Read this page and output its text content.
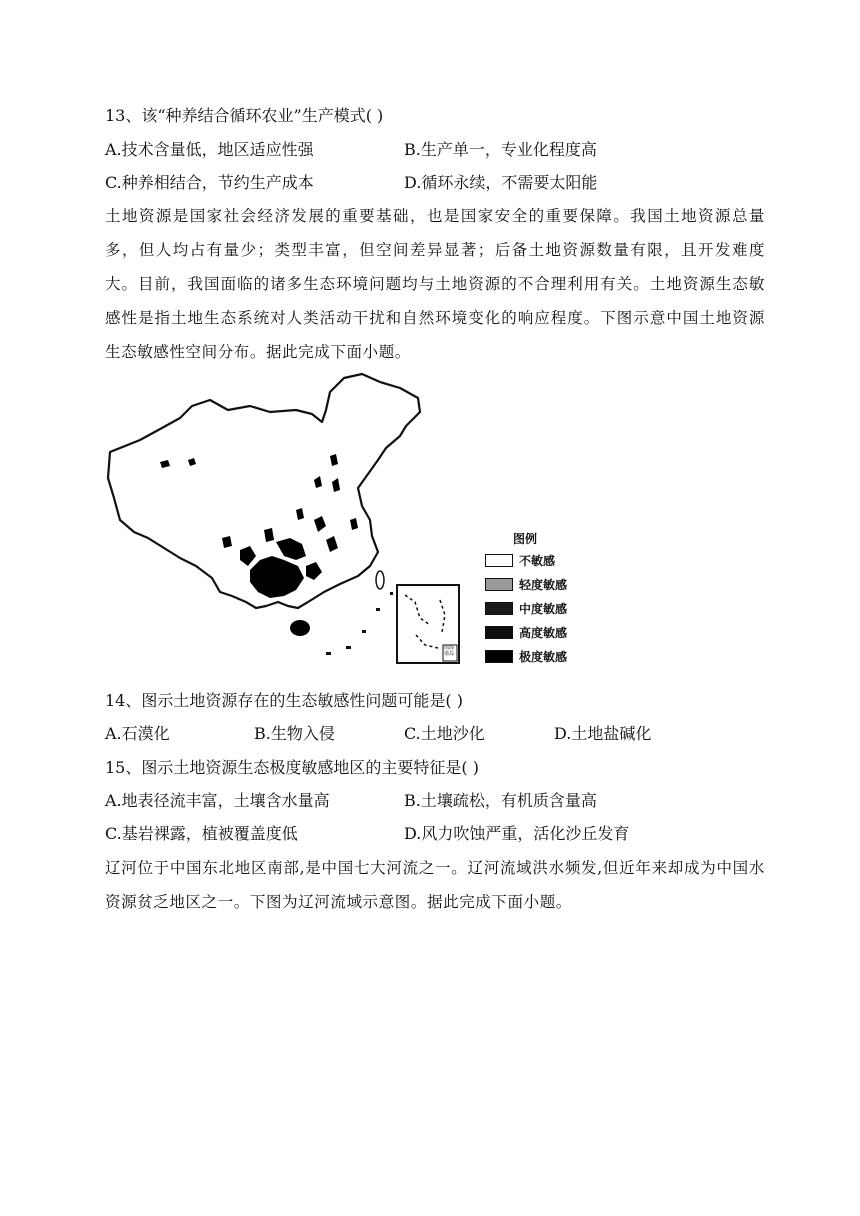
13、该“种养结合循环农业”生产模式( )
A.技术含量低，地区适应性强	B.生产单一，专业化程度高
C.种养相结合，节约生产成本	D.循环永续，不需要太阳能
土地资源是国家社会经济发展的重要基础，也是国家安全的重要保障。我国土地资源总量多，但人均占有量少；类型丰富，但空间差异显著；后备土地资源数量有限，且开发难度大。目前，我国面临的诸多生态环境问题均与土地资源的不合理利用有关。土地资源生态敏感性是指土地生态系统对人类活动干扰和自然环境变化的响应程度。下图示意中国土地资源生态敏感性空间分布。据此完成下面小题。
图例
不敏感
轻度敏感
中度敏感
高度敏感
极度敏感
南海诸岛
14、图示土地资源存在的生态敏感性问题可能是( )
A.石漠化	B.生物入侵	C.土地沙化	D.土地盐碱化
15、图示土地资源生态极度敏感地区的主要特征是( )
A.地表径流丰富，土壤含水量高	B.土壤疏松，有机质含量高
C.基岩裸露，植被覆盖度低	D.风力吹蚀严重，活化沙丘发育
辽河位于中国东北地区南部,是中国七大河流之一。辽河流域洪水频发,但近年来却成为中国水资源贫乏地区之一。下图为辽河流域示意图。据此完成下面小题。
